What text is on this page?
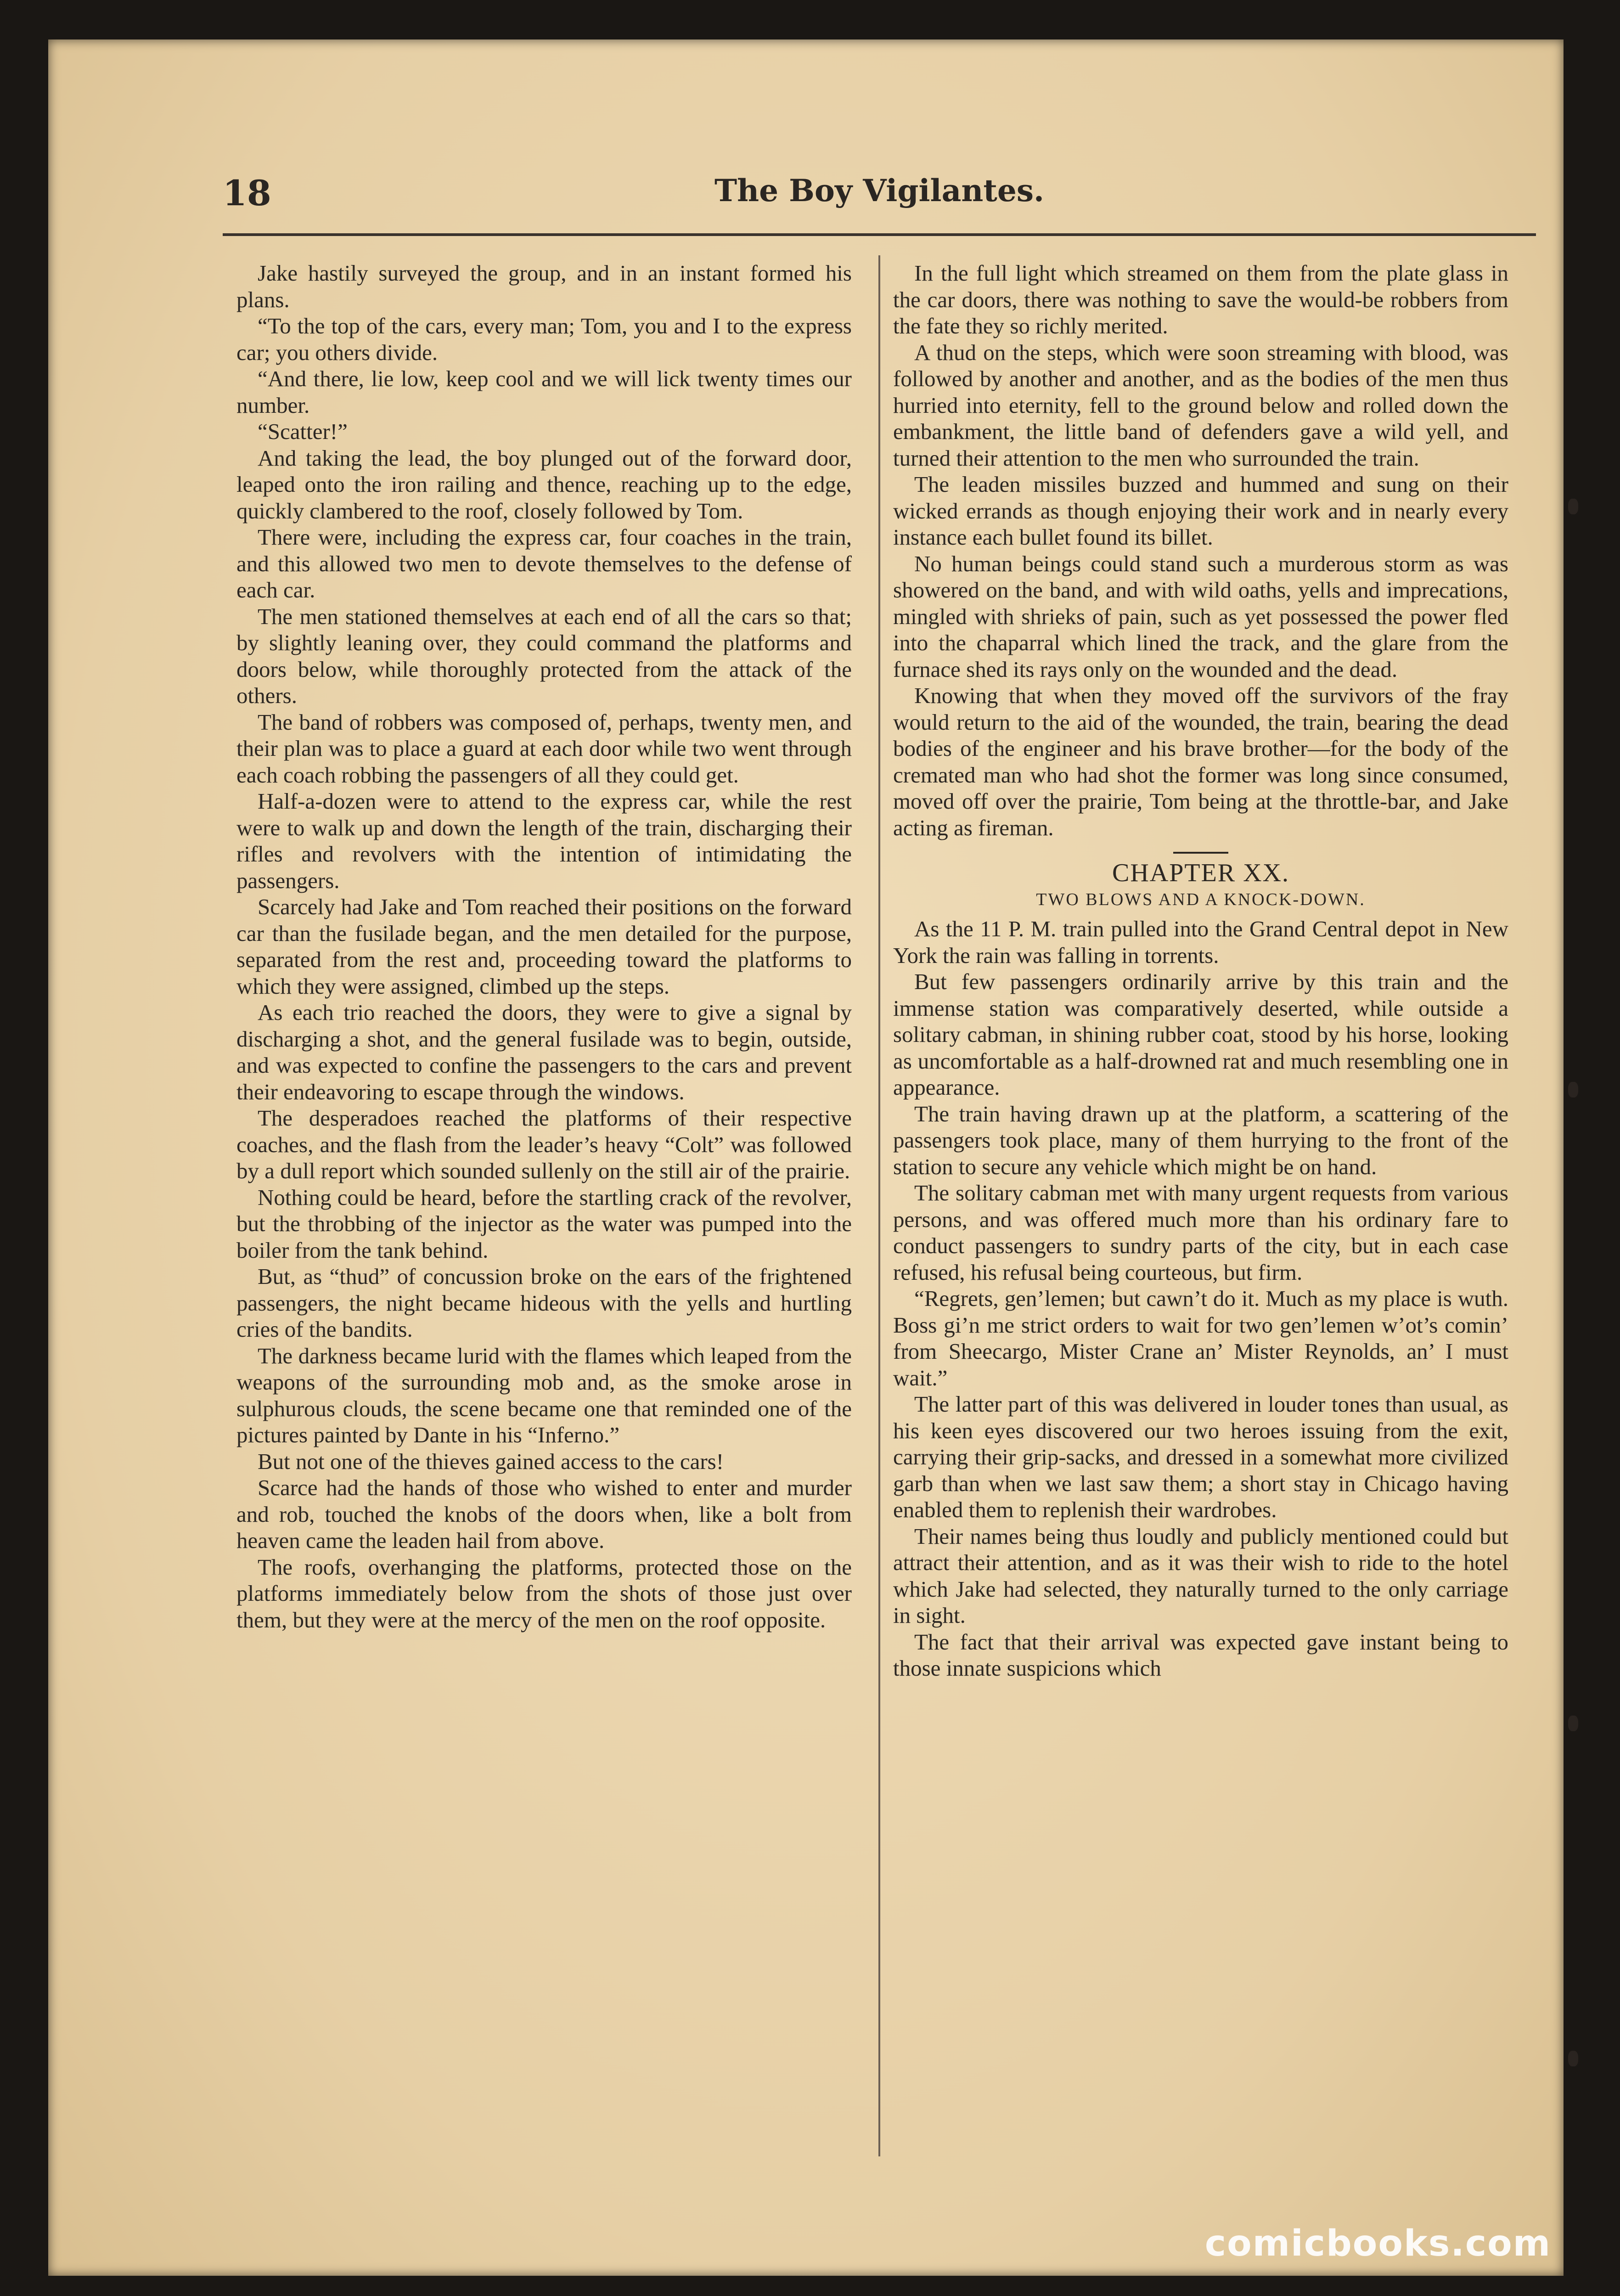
18	The Boy Vigilantes.

Jake hastily surveyed the group, and in an instant formed his plans.

“To the top of the cars, every man; Tom, you and I to the express car; you others divide.

“And there, lie low, keep cool and we will lick twenty times our number.

“Scatter!”

And taking the lead, the boy plunged out of the forward door, leaped onto the iron railing and thence, reaching up to the edge, quickly clambered to the roof, closely followed by Tom.

There were, including the express car, four coaches in the train, and this allowed two men to devote themselves to the defense of each car.

The men stationed themselves at each end of all the cars so that; by slightly leaning over, they could command the platforms and doors below, while thoroughly protected from the attack of the others.

The band of robbers was composed of, perhaps, twenty men, and their plan was to place a guard at each door while two went through each coach robbing the passengers of all they could get.

Half-a-dozen were to attend to the express car, while the rest were to walk up and down the length of the train, discharging their rifles and revolvers with the intention of intimidating the passengers.

Scarcely had Jake and Tom reached their positions on the forward car than the fusilade began, and the men detailed for the purpose, separated from the rest and, proceeding toward the platforms to which they were assigned, climbed up the steps.

As each trio reached the doors, they were to give a signal by discharging a shot, and the general fusilade was to begin, outside, and was expected to confine the passengers to the cars and prevent their endeavoring to escape through the windows.

The desperadoes reached the platforms of their respective coaches, and the flash from the leader’s heavy “Colt” was followed by a dull report which sounded sullenly on the still air of the prairie.

Nothing could be heard, before the startling crack of the revolver, but the throbbing of the injector as the water was pumped into the boiler from the tank behind.

But, as “thud” of concussion broke on the ears of the frightened passengers, the night became hideous with the yells and hurtling cries of the bandits.

The darkness became lurid with the flames which leaped from the weapons of the surrounding mob and, as the smoke arose in sulphurous clouds, the scene became one that reminded one of the pictures painted by Dante in his “Inferno.”

But not one of the thieves gained access to the cars!

Scarce had the hands of those who wished to enter and murder and rob, touched the knobs of the doors when, like a bolt from heaven came the leaden hail from above.

The roofs, overhanging the platforms, protected those on the platforms immediately below from the shots of those just over them, but they were at the mercy of the men on the roof opposite.

In the full light which streamed on them from the plate glass in the car doors, there was nothing to save the would-be robbers from the fate they so richly merited.

A thud on the steps, which were soon streaming with blood, was followed by another and another, and as the bodies of the men thus hurried into eternity, fell to the ground below and rolled down the embankment, the little band of defenders gave a wild yell, and turned their attention to the men who surrounded the train.

The leaden missiles buzzed and hummed and sung on their wicked errands as though enjoying their work and in nearly every instance each bullet found its billet.

No human beings could stand such a murderous storm as was showered on the band, and with wild oaths, yells and imprecations, mingled with shrieks of pain, such as yet possessed the power fled into the chaparral which lined the track, and the glare from the furnace shed its rays only on the wounded and the dead.

Knowing that when they moved off the survivors of the fray would return to the aid of the wounded, the train, bearing the dead bodies of the engineer and his brave brother—for the body of the cremated man who had shot the former was long since consumed, moved off over the prairie, Tom being at the throttle-bar, and Jake acting as fireman.

CHAPTER XX.

TWO BLOWS AND A KNOCK-DOWN.

As the 11 P. M. train pulled into the Grand Central depot in New York the rain was falling in torrents.

But few passengers ordinarily arrive by this train and the immense station was comparatively deserted, while outside a solitary cabman, in shining rubber coat, stood by his horse, looking as uncomfortable as a half-drowned rat and much resembling one in appearance.

The train having drawn up at the platform, a scattering of the passengers took place, many of them hurrying to the front of the station to secure any vehicle which might be on hand.

The solitary cabman met with many urgent requests from various persons, and was offered much more than his ordinary fare to conduct passengers to sundry parts of the city, but in each case refused, his refusal being courteous, but firm.

“Regrets, gen’lemen; but cawn’t do it. Much as my place is wuth. Boss gi’n me strict orders to wait for two gen’lemen w’ot’s comin’ from Sheecargo, Mister Crane an’ Mister Reynolds, an’ I must wait.”

The latter part of this was delivered in louder tones than usual, as his keen eyes discovered our two heroes issuing from the exit, carrying their grip-sacks, and dressed in a somewhat more civilized garb than when we last saw them; a short stay in Chicago having enabled them to replenish their wardrobes.

Their names being thus loudly and publicly mentioned could but attract their attention, and as it was their wish to ride to the hotel which Jake had selected, they naturally turned to the only carriage in sight.

The fact that their arrival was expected gave instant being to those innate suspicions which

comicbooks.com
